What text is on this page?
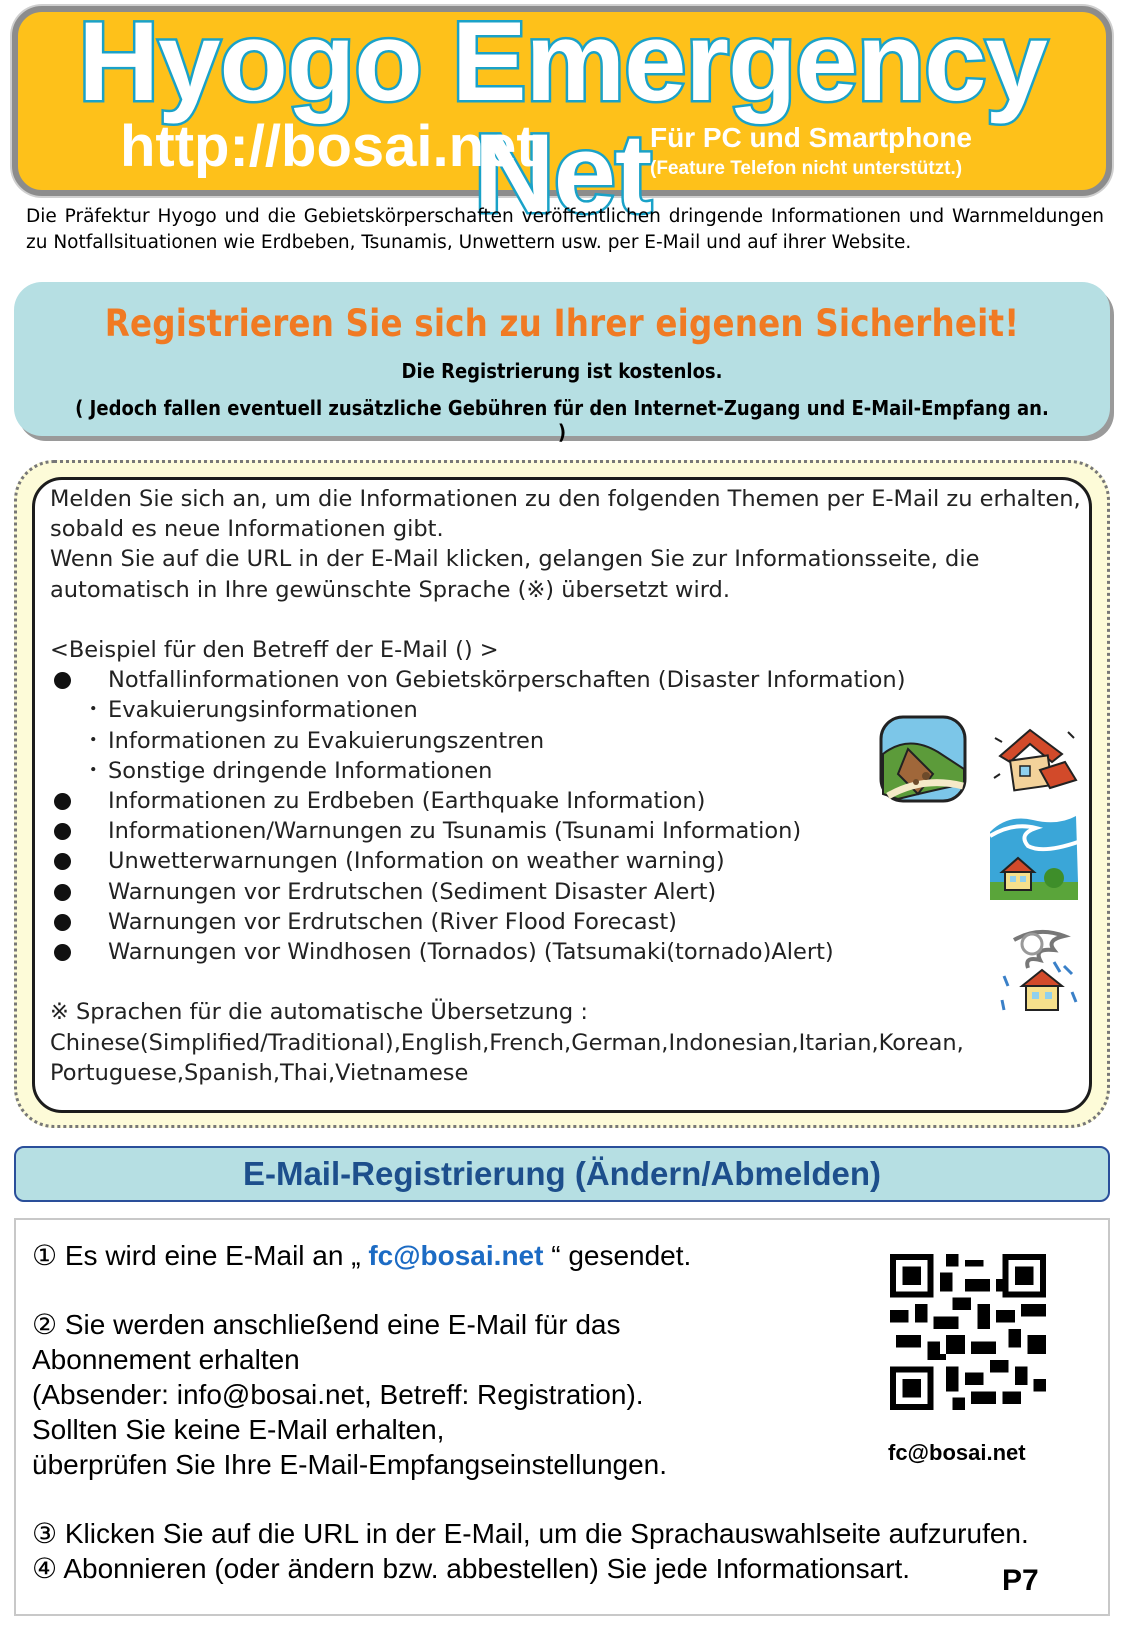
Hyogo Emergency Net
http://bosai.net	Für PC und Smartphone
(Feature Telefon nicht unterstützt.)
Die Präfektur Hyogo und die Gebietskörperschaften veröffentlichen dringende Informationen und Warnmeldungen zu Notfallsituationen wie Erdbeben, Tsunamis, Unwettern usw. per E-Mail und auf ihrer Website.
Registrieren Sie sich zu Ihrer eigenen Sicherheit!
Die Registrierung ist kostenlos.
( Jedoch fallen eventuell zusätzliche Gebühren für den Internet-Zugang und E-Mail-Empfang an. )

Melden Sie sich an, um die Informationen zu den folgenden Themen per E-Mail zu erhalten, sobald es neue Informationen gibt.

Wenn Sie auf die URL in der E-Mail klicken, gelangen Sie zur Informationsseite, die automatisch in Ihre gewünschte Sprache (※) übersetzt wird.

<Beispiel für den Betreff der E-Mail () >

Notfallinformationen von Gebietskörperschaften (Disaster Information)
・ Evakuierungsinformationen
・ Informationen zu Evakuierungszentren
・ Sonstige dringende Informationen
Informationen zu Erdbeben (Earthquake Information)
Informationen/Warnungen zu Tsunamis (Tsunami Information)
Unwetterwarnungen (Information on weather warning)
Warnungen vor Erdrutschen (Sediment Disaster Alert)
Warnungen vor Erdrutschen (River Flood Forecast)
Warnungen vor Windhosen (Tornados) (Tatsumaki(tornado)Alert)

※ Sprachen für die automatische Übersetzung :

Chinese(Simplified/Traditional),English,French,German,Indonesian,Itarian,Korean, Portuguese,Spanish,Thai,Vietnamese

E-Mail-Registrierung (Ändern/Abmelden)

① Es wird eine E-Mail an „ fc@bosai.net “ gesendet.

② Sie werden anschließend eine E-Mail für das

Abonnement erhalten

(Absender: info@bosai.net, Betreff: Registration).

Sollten Sie keine E-Mail erhalten,

überprüfen Sie Ihre E-Mail-Empfangseinstellungen.

③ Klicken Sie auf die URL in der E-Mail, um die Sprachauswahlseite aufzurufen.

④ Abonnieren (oder ändern bzw. abbestellen) Sie jede Informationsart.

fc@bosai.net
P7
